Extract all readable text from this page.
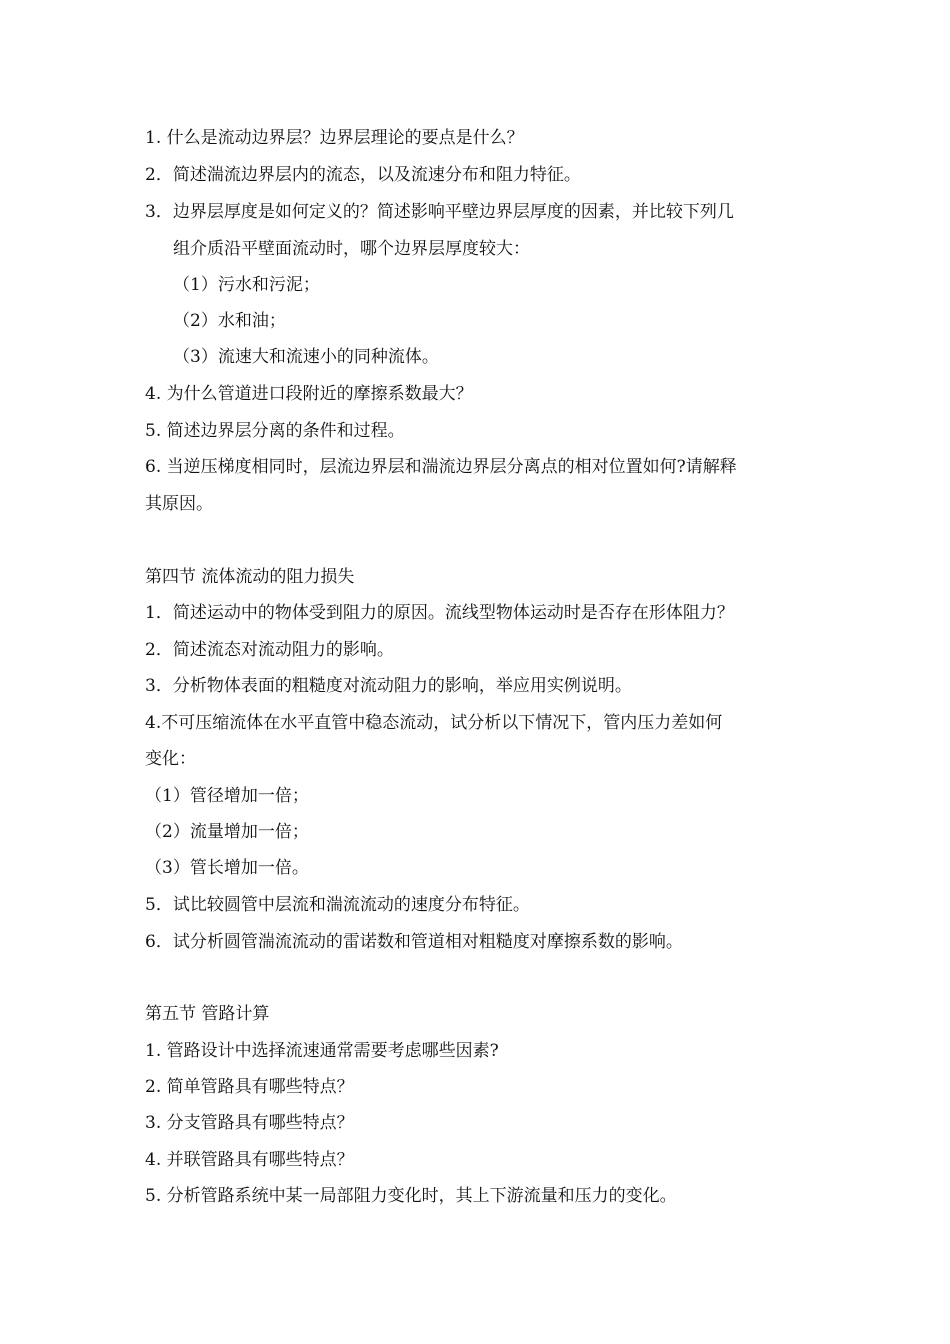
1. 什么是流动边界层？边界层理论的要点是什么？
2．简述湍流边界层内的流态，以及流速分布和阻力特征。
3．边界层厚度是如何定义的？简述影响平壁边界层厚度的因素，并比较下列几
组介质沿平壁面流动时，哪个边界层厚度较大：
（1）污水和污泥；
（2）水和油；
（3）流速大和流速小的同种流体。
4. 为什么管道进口段附近的摩擦系数最大？
5. 简述边界层分离的条件和过程。
6. 当逆压梯度相同时，层流边界层和湍流边界层分离点的相对位置如何?请解释
其原因。
第四节 流体流动的阻力损失
1．简述运动中的物体受到阻力的原因。流线型物体运动时是否存在形体阻力？
2．简述流态对流动阻力的影响。
3．分析物体表面的粗糙度对流动阻力的影响，举应用实例说明。
4.不可压缩流体在水平直管中稳态流动，试分析以下情况下，管内压力差如何
变化：
（1）管径增加一倍；
（2）流量增加一倍；
（3）管长增加一倍。
5．试比较圆管中层流和湍流流动的速度分布特征。
6．试分析圆管湍流流动的雷诺数和管道相对粗糙度对摩擦系数的影响。
第五节 管路计算
1. 管路设计中选择流速通常需要考虑哪些因素?
2. 简单管路具有哪些特点？
3. 分支管路具有哪些特点？
4. 并联管路具有哪些特点？
5. 分析管路系统中某一局部阻力变化时，其上下游流量和压力的变化。
